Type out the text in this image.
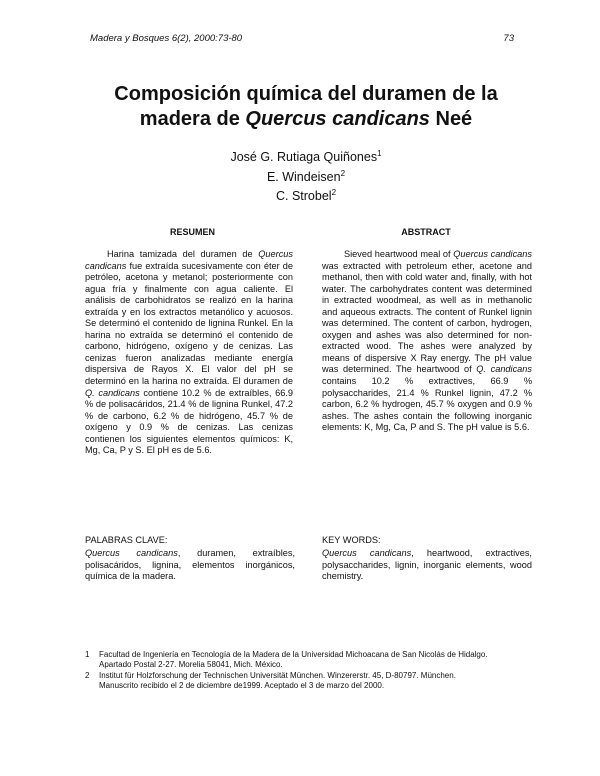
Madera y Bosques 6(2), 2000:73-80	73
Composición química del duramen de la
madera de Quercus candicans Neé
José G. Rutiaga Quiñones$^1$
E. Windeisen$^2$
C. Strobel$^2$
RESUMEN	ABSTRACT

Harina tamizada del duramen de Quercus candicans fue extraída sucesivamente con éter de petróleo, acetona y metanol; posteriormente con agua fría y finalmente con agua caliente. El análisis de carbohidratos se realizó en la harina extraída y en los extractos metanólico y acuosos. Se determinó el contenido de lignina Runkel. En la harina no extraída se determinó el contenido de carbono, hidrógeno, oxígeno y de cenizas. Las cenizas fueron analizadas mediante energía dispersiva de Rayos X. El valor del pH se determinó en la harina no extraída. El duramen de Q. candicans contiene 10.2 % de extraíbles, 66.9 % de polisacáridos, 21.4 % de lignina Runkel, 47.2 % de carbono, 6.2 % de hidrógeno, 45.7 % de oxígeno y 0.9 % de cenizas. Las cenizas contienen los siguientes elementos químicos: K, Mg, Ca, P y S. El pH es de 5.6.

Sieved heartwood meal of Quercus candicans was extracted with petroleum ether, acetone and methanol, then with cold water and, finally, with hot water. The carbohydrates content was determined in extracted woodmeal, as well as in methanolic and aqueous extracts. The content of Runkel lignin was determined. The content of carbon, hydrogen, oxygen and ashes was also determined for non-extracted wood. The ashes were analyzed by means of dispersive X Ray energy. The pH value was determined. The heartwood of Q. candicans contains 10.2 % extractives, 66.9 % polysaccharides, 21.4 % Runkel lignin, 47.2 % carbon, 6.2 % hydrogen, 45.7 % oxygen and 0.9 % ashes. The ashes contain the following inorganic elements: K, Mg, Ca, P and S. The pH value is 5.6.

PALABRAS CLAVE:
Quercus candicans, duramen, extraíbles, polisacáridos, lignina, elementos inorgánicos, química de la madera.
KEY WORDS:
Quercus candicans, heartwood, extractives, polysaccharides, lignin, inorganic elements, wood chemistry.
1 Facultad de Ingeniería en Tecnología de la Madera de la Universidad Michoacana de San Nicolás de Hidalgo.
Apartado Postal 2-27. Morelia 58041, Mich. México.
2 Institut für Holzforschung der Technischen Universität München. Winzererstr. 45, D-80797. München.
Manuscrito recibido el 2 de diciembre de1999. Aceptado el 3 de marzo del 2000.
